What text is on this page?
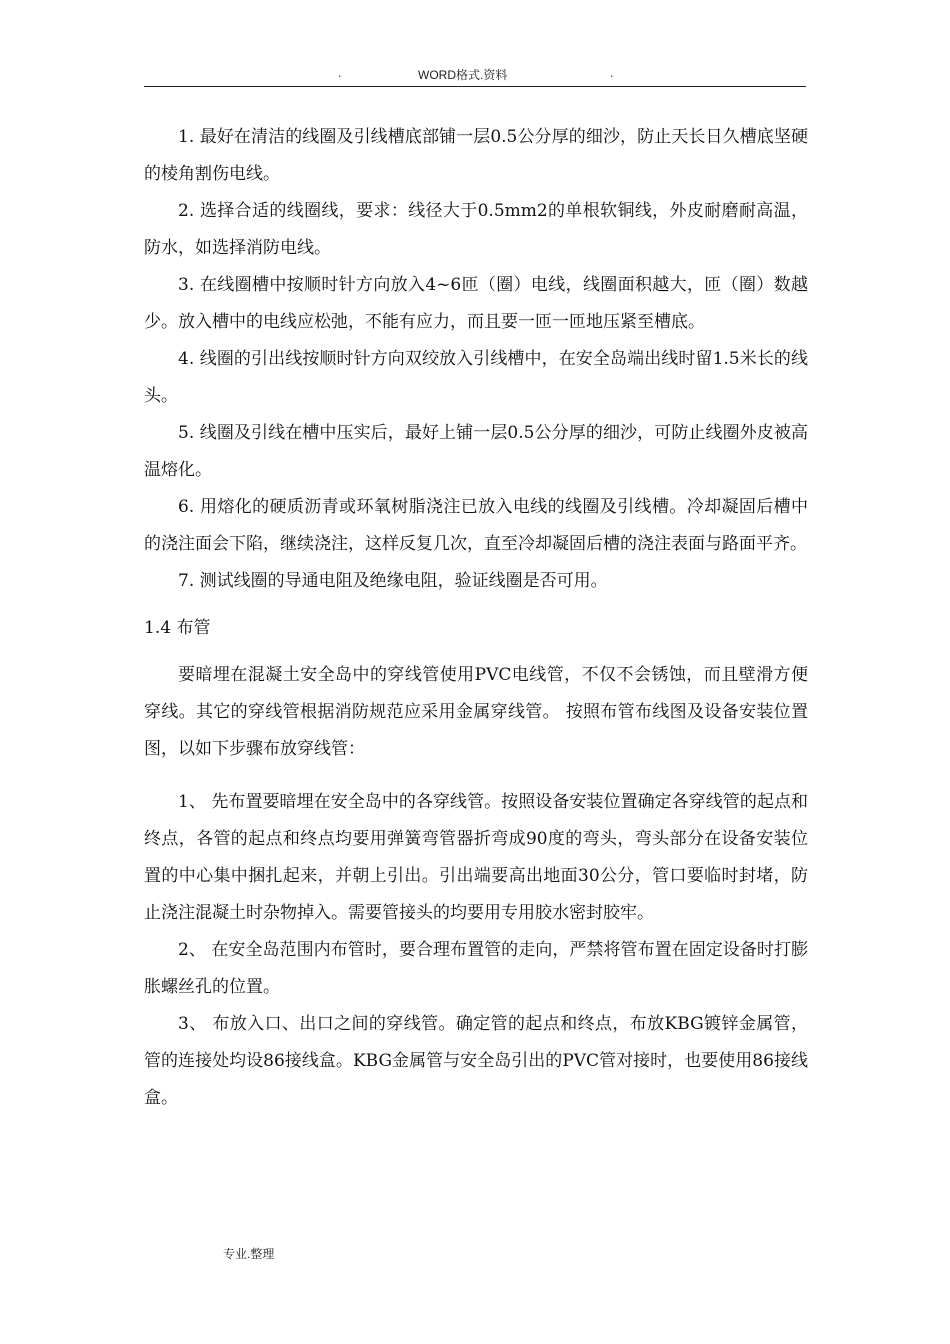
.	WORD格式.资料	.

1. 最好在清洁的线圈及引线槽底部铺一层0.5公分厚的细沙，防止天长日久槽底坚硬的棱角割伤电线。

2. 选择合适的线圈线，要求：线径大于0.5mm2的单根软铜线，外皮耐磨耐高温，防水，如选择消防电线。

3. 在线圈槽中按顺时针方向放入4~6匝（圈）电线，线圈面积越大，匝（圈）数越少。放入槽中的电线应松弛，不能有应力，而且要一匝一匝地压紧至槽底。

4. 线圈的引出线按顺时针方向双绞放入引线槽中，在安全岛端出线时留1.5米长的线头。

5. 线圈及引线在槽中压实后，最好上铺一层0.5公分厚的细沙，可防止线圈外皮被高温熔化。

6. 用熔化的硬质沥青或环氧树脂浇注已放入电线的线圈及引线槽。冷却凝固后槽中的浇注面会下陷，继续浇注，这样反复几次，直至冷却凝固后槽的浇注表面与路面平齐。

7. 测试线圈的导通电阻及绝缘电阻，验证线圈是否可用。

1.4 布管

要暗埋在混凝土安全岛中的穿线管使用PVC电线管，不仅不会锈蚀，而且壁滑方便穿线。其它的穿线管根据消防规范应采用金属穿线管。 按照布管布线图及设备安装位置图，以如下步骤布放穿线管：

1、 先布置要暗埋在安全岛中的各穿线管。按照设备安装位置确定各穿线管的起点和终点，各管的起点和终点均要用弹簧弯管器折弯成90度的弯头，弯头部分在设备安装位置的中心集中捆扎起来，并朝上引出。引出端要高出地面30公分，管口要临时封堵，防止浇注混凝土时杂物掉入。需要管接头的均要用专用胶水密封胶牢。

2、 在安全岛范围内布管时，要合理布置管的走向，严禁将管布置在固定设备时打膨胀螺丝孔的位置。

3、 布放入口、出口之间的穿线管。确定管的起点和终点，布放KBG镀锌金属管，管的连接处均设86接线盒。KBG金属管与安全岛引出的PVC管对接时，也要使用86接线盒。

专业.整理
